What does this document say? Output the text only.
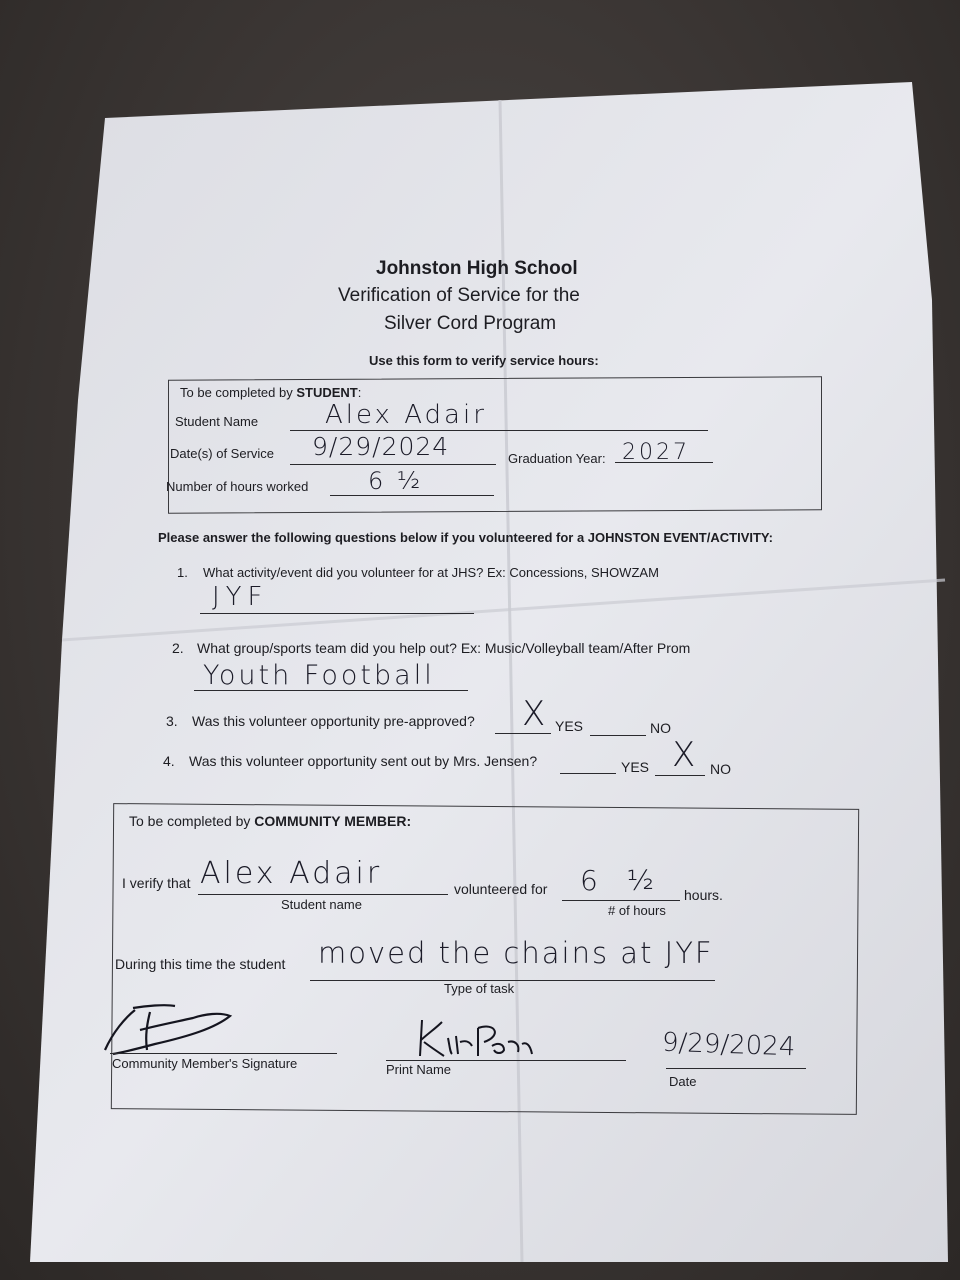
Johnston High School
Verification of Service for the
Silver Cord Program
Use this form to verify service hours:
To be completed by STUDENT:
Student Name	Alex Adair
Date(s) of Service 9/29/2024	Graduation Year: 2027
Number of hours worked 6 ½
Please answer the following questions below if you volunteered for a JOHNSTON EVENT/ACTIVITY:
1. What activity/event did you volunteer for at JHS? Ex: Concessions, SHOWZAM
JYF
2. What group/sports team did you help out? Ex: Music/Volleyball team/After Prom
Youth Football
3. Was this volunteer opportunity pre-approved? X YES	NO
4. Was this volunteer opportunity sent out by Mrs. Jensen?	YES X NO
To be completed by COMMUNITY MEMBER:
I verify that Alex Adair
Student name
volunteered for 6 ½
# of hours
hours.
During this time the student moved the chains at JYF
Type of task
Community Member's Signature	Print Name
9/29/2024
Date
